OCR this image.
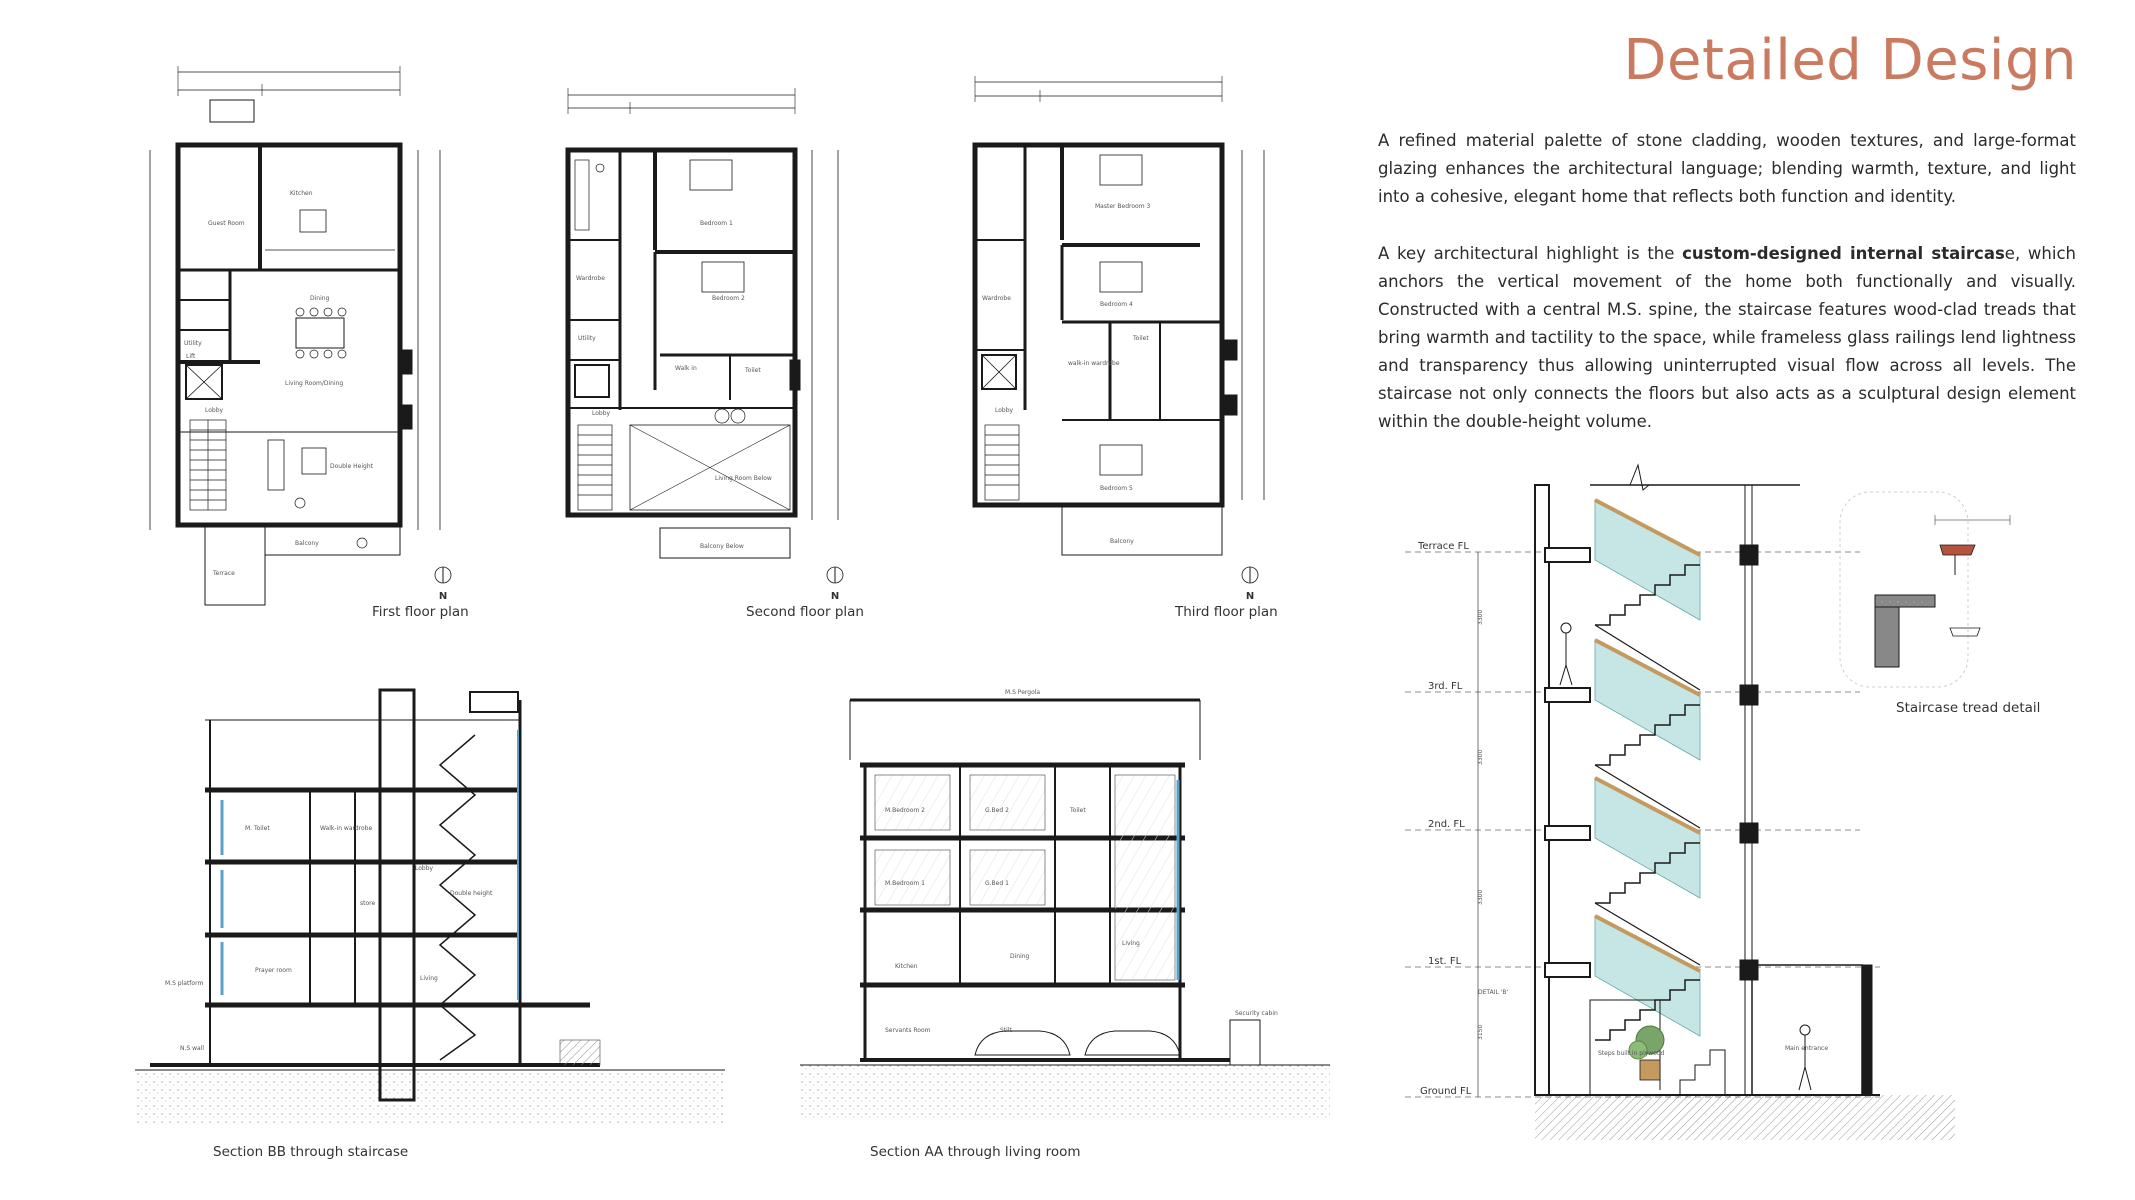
Detailed Design
A refined material palette of stone cladding, wooden textures, and large-format glazing enhances the architectural language; blending warmth, texture, and light into a cohesive, elegant home that reflects both function and identity.
A key architectural highlight is the custom-designed internal staircase, which anchors the vertical movement of the home both functionally and visually. Constructed with a central M.S. spine, the staircase features wood-clad treads that bring warmth and tactility to the space, while frameless glass railings lend lightness and transparency thus allowing uninterrupted visual flow across all levels. The staircase not only connects the floors but also acts as a sculptural design element within the double-height volume.
N	N	N
Terrace FL
3rd. FL
2nd. FL
1st. FL
Ground FL
DETAIL 'B'
3300
3300
3300
3150
Steps built in plywood
Main entrance
Guest Room
Kitchen
Dining
Living Room/Dining
Lobby
Double Height
Balcony
Terrace
Utility
Lift
Bedroom 1
Bedroom 2
Walk in	Toilet
Lobby
Living Room Below
Balcony Below
Wardrobe
Utility
Master Bedroom 3
Bedroom 4
Bedroom 5
Wardrobe
Lobby
Balcony
walk-in wardrobe
Toilet
M. Toilet	Walk-in wardrobe
store
Prayer room
Lobby
Living
Double height
N.S wall
M.S platform
M.S Pergola
M.Bedroom 2	G.Bed 2	Toilet
M.Bedroom 1	G.Bed 1
Kitchen
Dining
Living
Servants Room	Stilt
Security cabin
First floor plan	Second floor plan	Third floor plan
Section BB through staircase	Section AA through living room
Staircase tread detail
